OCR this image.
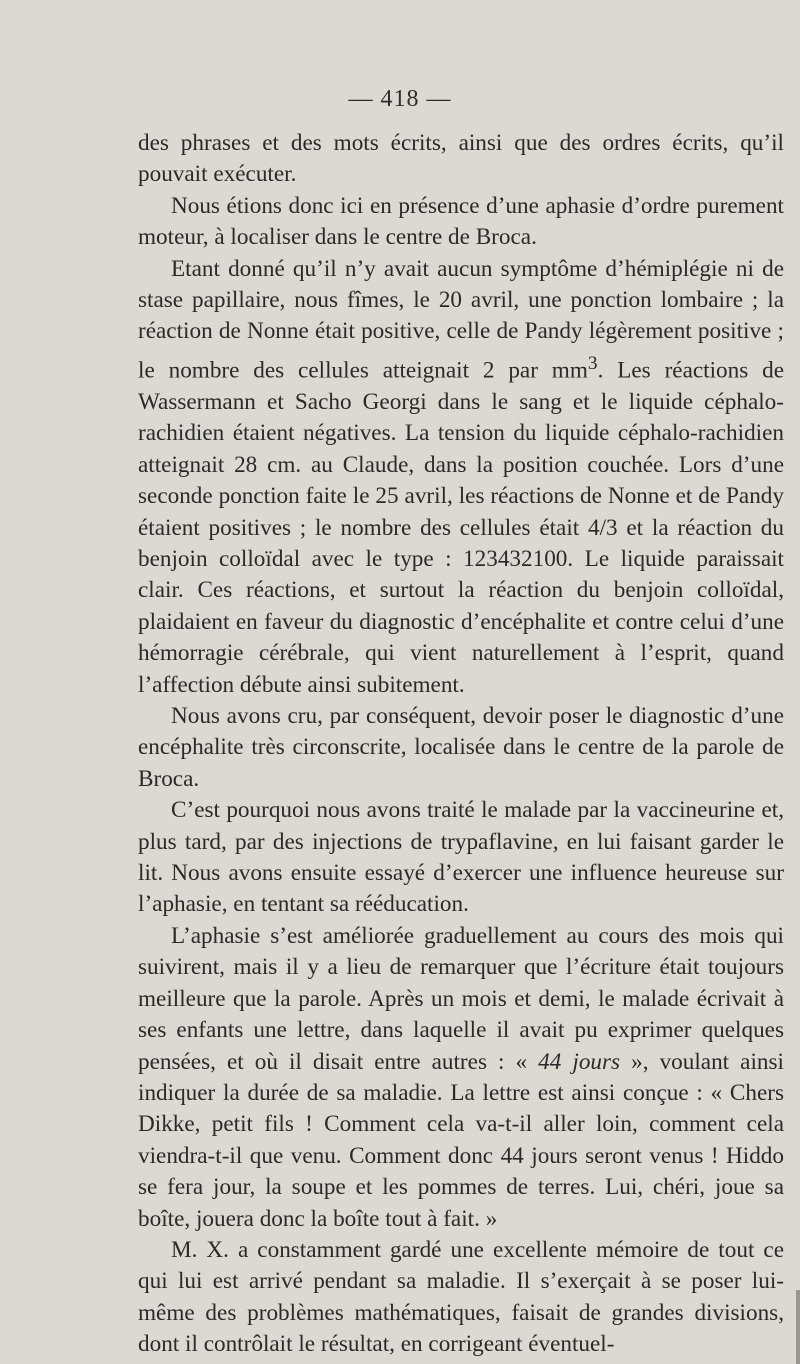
— 418 —

des phrases et des mots écrits, ainsi que des ordres écrits, qu’il pouvait exécuter.

Nous étions donc ici en présence d’une aphasie d’ordre purement moteur, à localiser dans le centre de Broca.

Etant donné qu’il n’y avait aucun symptôme d’hémiplégie ni de stase papillaire, nous fîmes, le 20 avril, une ponction lombaire ; la réaction de Nonne était positive, celle de Pandy légèrement positive ; le nombre des cellules atteignait 2 par $mm^3$. Les réactions de Wassermann et Sacho Georgi dans le sang et le liquide céphalo-rachidien étaient négatives. La tension du liquide céphalo-rachidien atteignait 28 cm. au Claude, dans la position couchée. Lors d’une seconde ponction faite le 25 avril, les réactions de Nonne et de Pandy étaient positives ; le nombre des cellules était 4/3 et la réaction du benjoin colloïdal avec le type : 123432100. Le liquide paraissait clair. Ces réactions, et surtout la réaction du benjoin colloïdal, plaidaient en faveur du diagnostic d’encéphalite et contre celui d’une hémorragie cérébrale, qui vient naturellement à l’esprit, quand l’affection débute ainsi subitement.

Nous avons cru, par conséquent, devoir poser le diagnostic d’une encéphalite très circonscrite, localisée dans le centre de la parole de Broca.

C’est pourquoi nous avons traité le malade par la vaccineurine et, plus tard, par des injections de trypaflavine, en lui faisant garder le lit. Nous avons ensuite essayé d’exercer une influence heureuse sur l’aphasie, en tentant sa rééducation.

L’aphasie s’est améliorée graduellement au cours des mois qui suivirent, mais il y a lieu de remarquer que l’écriture était toujours meilleure que la parole. Après un mois et demi, le malade écrivait à ses enfants une lettre, dans laquelle il avait pu exprimer quelques pensées, et où il disait entre autres : « 44 jours », voulant ainsi indiquer la durée de sa maladie. La lettre est ainsi conçue : « Chers Dikke, petit fils ! Comment cela va-t-il aller loin, comment cela viendra-t-il que venu. Comment donc 44 jours seront venus ! Hiddo se fera jour, la soupe et les pommes de terres. Lui, chéri, joue sa boîte, jouera donc la boîte tout à fait. »

M. X. a constamment gardé une excellente mémoire de tout ce qui lui est arrivé pendant sa maladie. Il s’exerçait à se poser lui-même des problèmes mathématiques, faisait de grandes divisions, dont il contrôlait le résultat, en corrigeant éventuel-
